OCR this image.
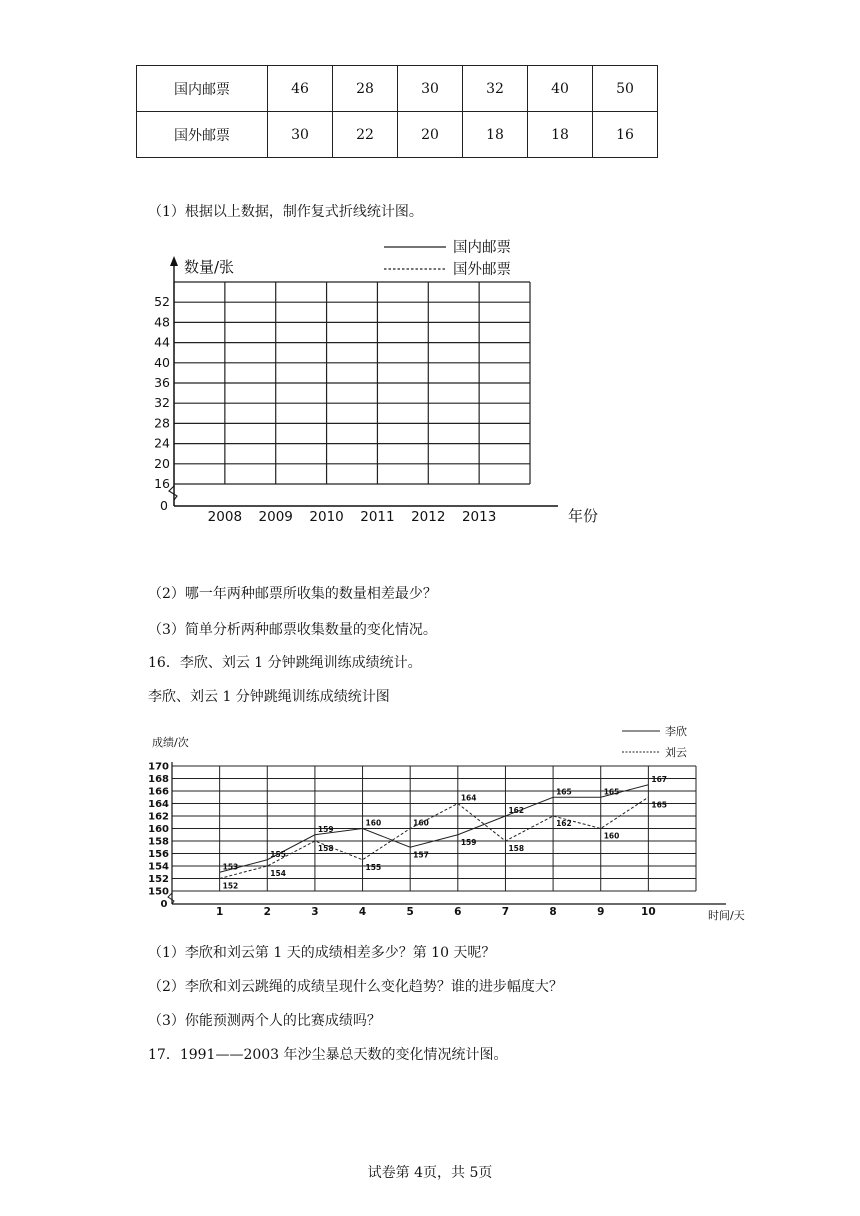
国内邮票	46	28	30	32	40	50
国外邮票	30	22	20	18	18	16
（1）根据以上数据，制作复式折线统计图。
16
20
24
28
32
36
40
44
48
52
0
数量/张
年份
2008 2009 2010 2011 2012 2013
国内邮票
国外邮票
（2）哪一年两种邮票所收集的数量相差最少？
（3）简单分析两种邮票收集数量的变化情况。
16．李欣、刘云 1 分钟跳绳训练成绩统计。
李欣、刘云 1 分钟跳绳训练成绩统计图
150
152
154
156
158
160
162
164
166
168
170
0
成绩/次
时间/天
1	2	3	4	5	6	7	8	9	10
153
155
159
160
157
159
162
165	165
167
152
154
158
155
160
164
158
162
160
165
李欣
刘云
（1）李欣和刘云第 1 天的成绩相差多少？第 10 天呢？
（2）李欣和刘云跳绳的成绩呈现什么变化趋势？谁的进步幅度大？
（3）你能预测两个人的比赛成绩吗？
17．1991——2003 年沙尘暴总天数的变化情况统计图。
试卷第 4页，共 5页
